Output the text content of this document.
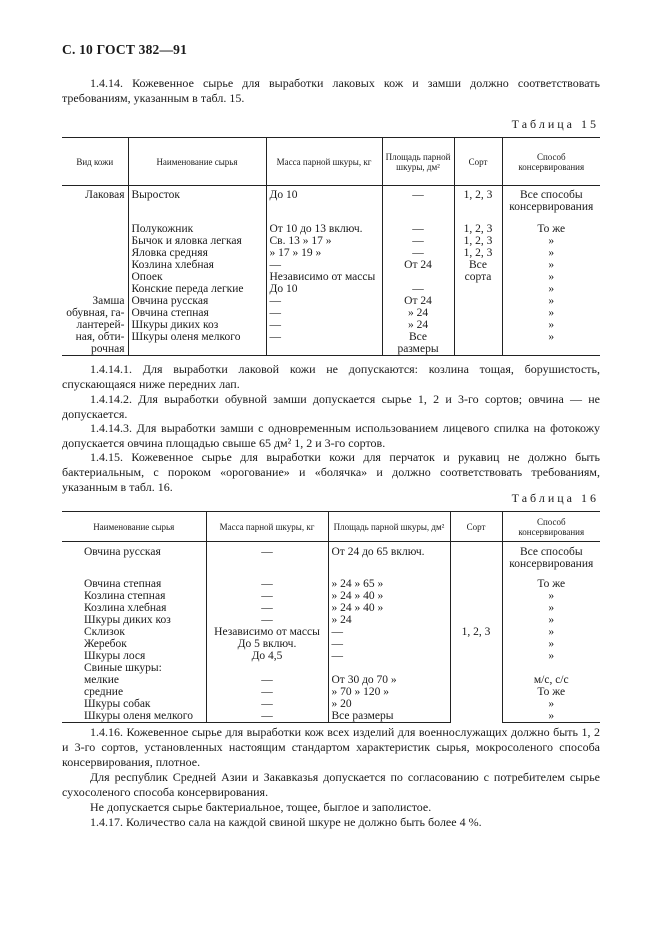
С. 10 ГОСТ 382—91
1.4.14. Кожевенное сырье для выработки лаковых кож и замши должно соответствовать требованиям, указанным в табл. 15.
Таблица 15
Вид кожи	Наименование сырья	Масса парной шкуры, кг	Площадь парной шкуры, дм²	Сорт	Способ консервирования
Лаковая	Выросток	До 10	—	1, 2, 3	Все способы консервирования
	Полукожник	От 10 до 13 включ.	—	1, 2, 3	То же
	Бычок и яловка легкая	Св. 13 » 17 »	—	1, 2, 3	»
	Яловка средняя	» 17 » 19 »	—	1, 2, 3	»
	Козлина хлебная	—	От 24	Все	»
	Опоек	Независимо от массы		сорта	»
	Конские переда легкие	До 10	—		»
Замша	Овчина русская	—	От 24		»
обувная, га-	Овчина степная	—	» 24		»
лантерей-	Шкуры диких коз	—	» 24		»
ная, обти-	Шкуры оленя мелкого	—	Все		»
рочная			размеры		
1.4.14.1. Для выработки лаковой кожи не допускаются: козлина тощая, борушистость, спускающаяся ниже передних лап.
1.4.14.2. Для выработки обувной замши допускается сырье 1, 2 и 3-го сортов; овчина — не допускается.
1.4.14.3. Для выработки замши с одновременным использованием лицевого спилка на фотокожу допускается овчина площадью свыше 65 дм² 1, 2 и 3-го сортов.
1.4.15. Кожевенное сырье для выработки кожи для перчаток и рукавиц не должно быть бактериальным, с пороком «орогование» и «болячка» и должно соответствовать требованиям, указанным в табл. 16.
Таблица 16
Наименование сырья	Масса парной шкуры, кг	Площадь парной шкуры, дм²	Сорт	Способ консервирования
Овчина русская	—	От 24 до 65 включ.	1, 2, 3	Все способы консервирования
Овчина степная	—	» 24 » 65 »		То же
Козлина степная	—	» 24 » 40 »		»
Козлина хлебная	—	» 24 » 40 »		»
Шкуры диких коз	—	» 24		»
Склизок	Независимо от массы	—		»
Жеребок	До 5 включ.	—		»
Шкуры лося	До 4,5	—		»
Свиные шкуры:				
мелкие	—	От 30 до 70 »		м/с, с/с
средние	—	» 70 » 120 »		То же
Шкуры собак	—	» 20		»
Шкуры оленя мелкого	—	Все размеры		»
1.4.16. Кожевенное сырье для выработки кож всех изделий для военнослужащих должно быть 1, 2 и 3-го сортов, установленных настоящим стандартом характеристик сырья, мокросоленого способа консервирования, плотное.
Для республик Средней Азии и Закавказья допускается по согласованию с потребителем сырье сухосоленого способа консервирования.
Не допускается сырье бактериальное, тощее, быглое и заполистое.
1.4.17. Количество сала на каждой свиной шкуре не должно быть более 4 %.
